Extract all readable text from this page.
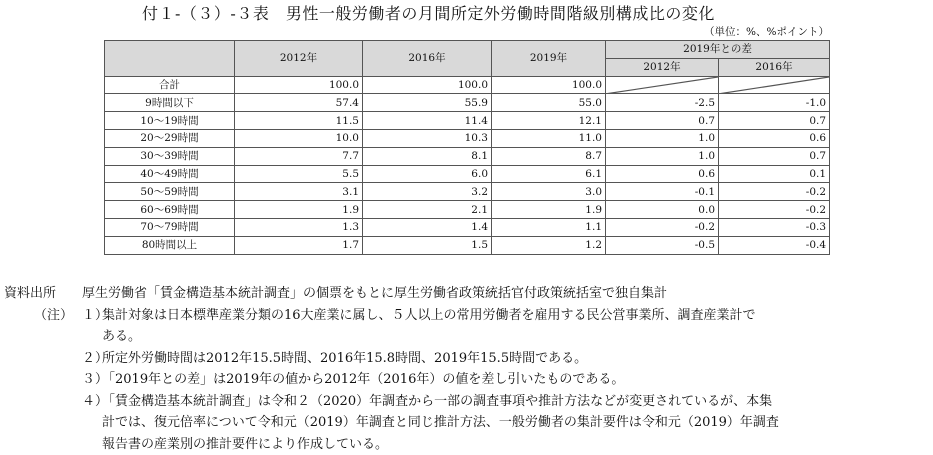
付１-（３）-３表　男性一般労働者の月間所定外労働時間階級別構成比の変化
（単位：%、%ポイント）
	2012年	2016年	2019年	2019年との差	
				2012年	2016年
合計	100.0	100.0	100.0	

9時間以下	57.4	55.9	55.0	-2.5	-1.0
10～19時間	11.5	11.4	12.1	0.7	0.7
20～29時間	10.0	10.3	11.0	1.0	0.6
30～39時間	7.7	8.1	8.7	1.0	0.7
40～49時間	5.5	6.0	6.1	0.6	0.1
50～59時間	3.1	3.2	3.0	-0.1	-0.2
60～69時間	1.9	2.1	1.9	0.0	-0.2
70～79時間	1.3	1.4	1.1	-0.2	-0.3
80時間以上	1.7	1.5	1.2	-0.5	-0.4
資料出所 厚生労働省「賃金構造基本統計調査」の個票をもとに厚生労働省政策統括官付政策統括室で独自集計
（注） １）
集計対象は日本標準産業分類の16大産業に属し、５人以上の常用労働者を雇用する民公営事業所、調査産業計で
ある。
２）
所定外労働時間は2012年15.5時間、2016年15.8時間、2019年15.5時間である。
３）
「2019年との差」は2019年の値から2012年（2016年）の値を差し引いたものである。
４）
「賃金構造基本統計調査」は令和２（2020）年調査から一部の調査事項や推計方法などが変更されているが、本集
計では、復元倍率について令和元（2019）年調査と同じ推計方法、一般労働者の集計要件は令和元（2019）年調査
報告書の産業別の推計要件により作成している。
